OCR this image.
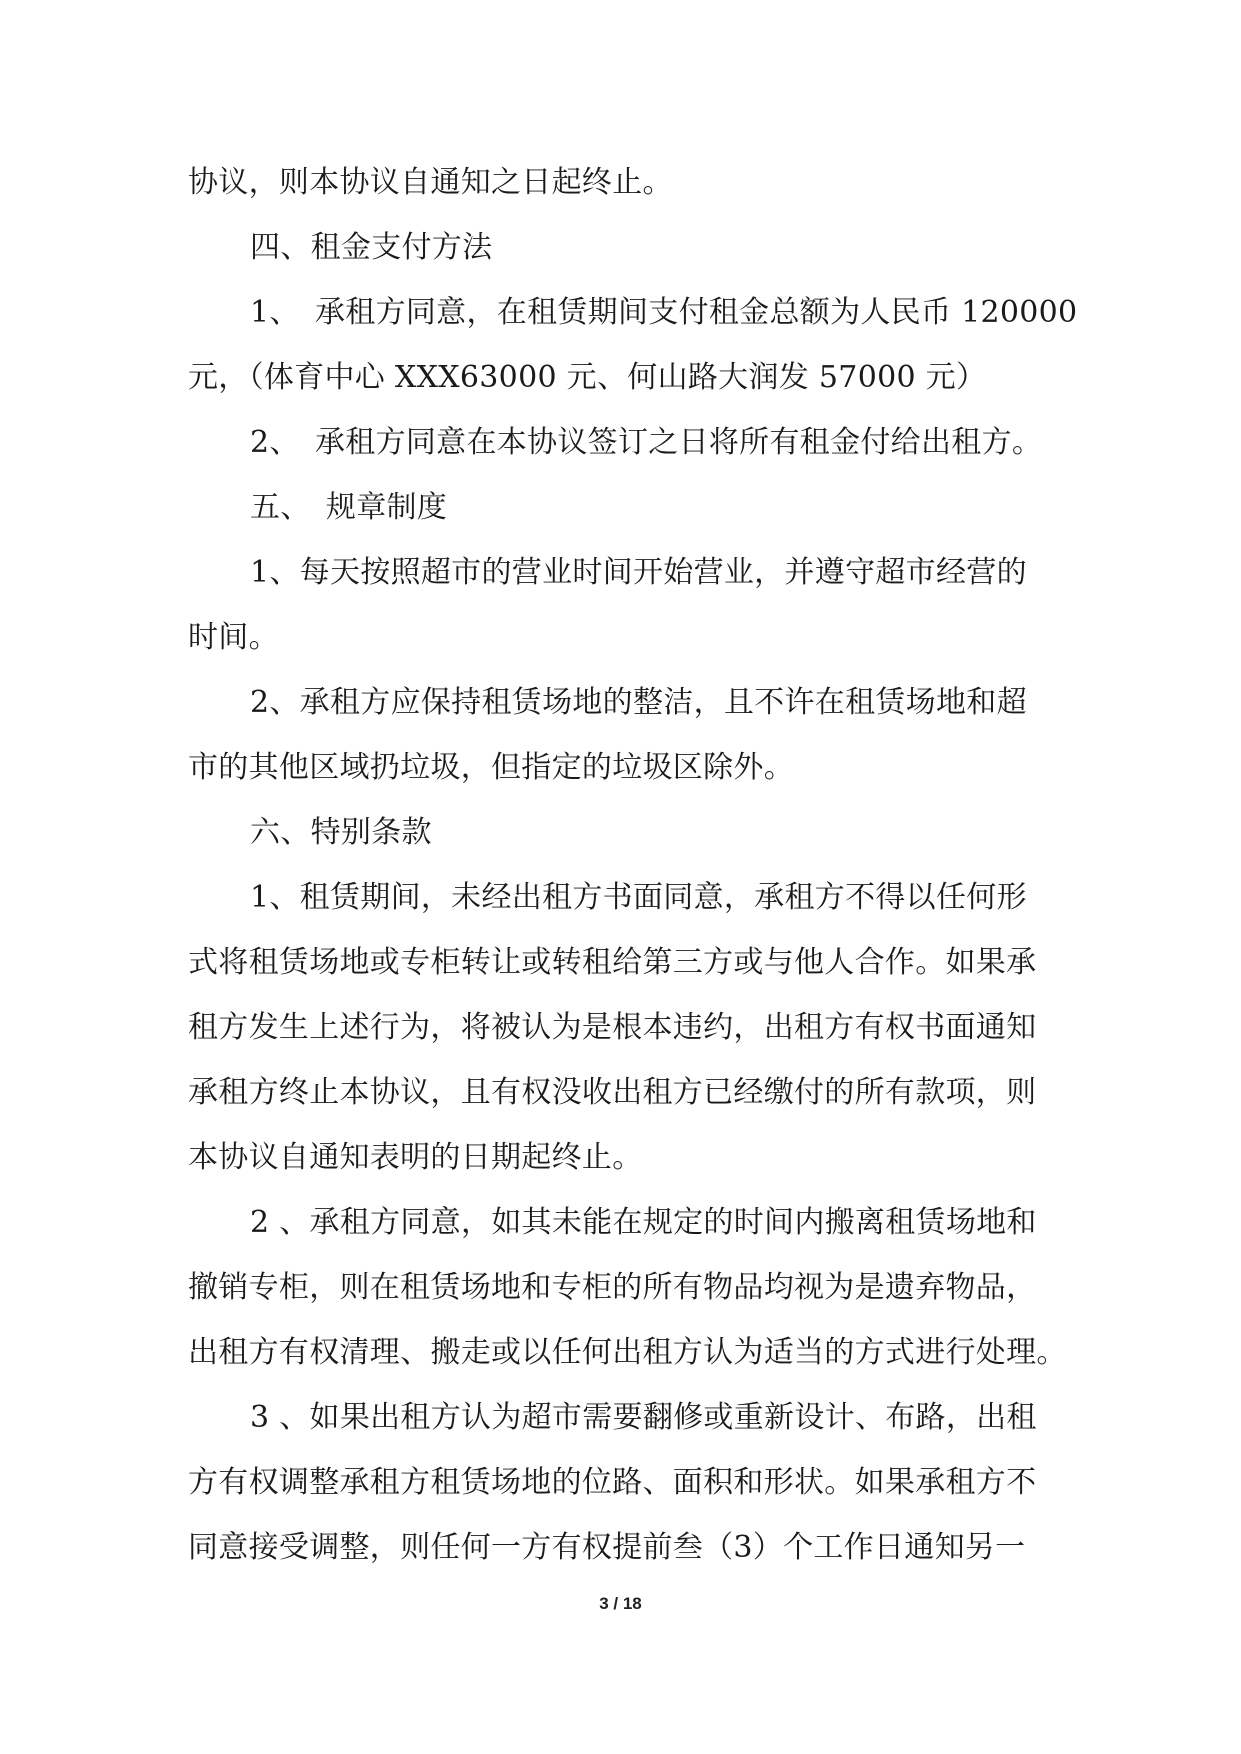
协议，则本协议自通知之日起终止。
四、租金支付方法
1、　承租方同意，在租赁期间支付租金总额为人民币 120000
元，（体育中心 XXX63000 元、何山路大润发 57000 元）
2、　承租方同意在本协议签订之日将所有租金付给出租方。
五、　规章制度
1、每天按照超市的营业时间开始营业，并遵守超市经营的
时间。
2、承租方应保持租赁场地的整洁，且不许在租赁场地和超
市的其他区域扔垃圾，但指定的垃圾区除外。
六、特别条款
1、租赁期间，未经出租方书面同意，承租方不得以任何形
式将租赁场地或专柜转让或转租给第三方或与他人合作。如果承
租方发生上述行为，将被认为是根本违约，出租方有权书面通知
承租方终止本协议，且有权没收出租方已经缴付的所有款项，则
本协议自通知表明的日期起终止。
2 、承租方同意，如其未能在规定的时间内搬离租赁场地和
撤销专柜，则在租赁场地和专柜的所有物品均视为是遗弃物品，
出租方有权清理、搬走或以任何出租方认为适当的方式进行处理。
3 、如果出租方认为超市需要翻修或重新设计、布路，出租
方有权调整承租方租赁场地的位路、面积和形状。如果承租方不
同意接受调整，则任何一方有权提前叁（3）个工作日通知另一
3 / 18
